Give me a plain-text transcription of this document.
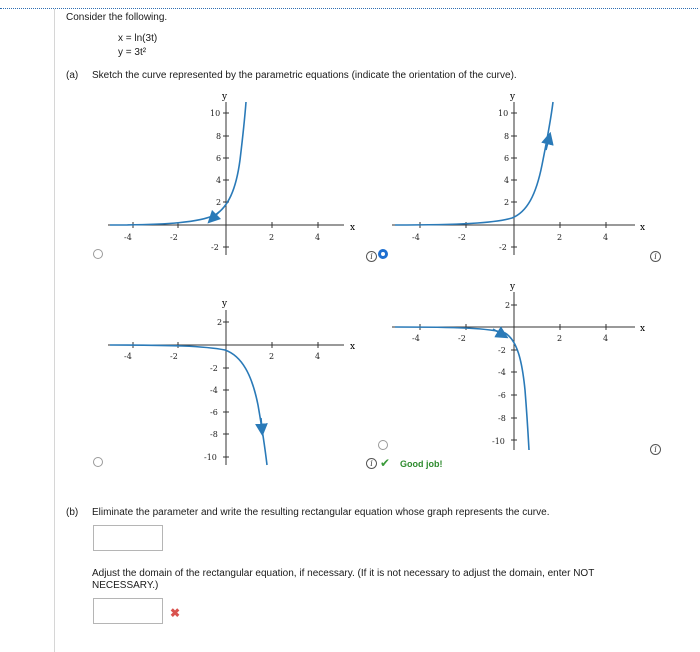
Consider the following.
x = ln(3t)
y = 3t²
(a) Sketch the curve represented by the parametric equations (indicate the orientation of the curve).
y
x
-4	-2	2	4
10
8
6
4
2
-2
y
x
-4	-2	2	4
10
8
6
4
2
-2
y
x
-4	-2	2	4
2
-2
-4
-6
-8
-10
y
x
-4	-2	2	4
2
-2
-4
-6
-8
-10
i	i
i
i
✔ Good job!
(b) Eliminate the parameter and write the resulting rectangular equation whose graph represents the curve.
Adjust the domain of the rectangular equation, if necessary. (If it is not necessary to adjust the domain, enter NOT
NECESSARY.)
✖
